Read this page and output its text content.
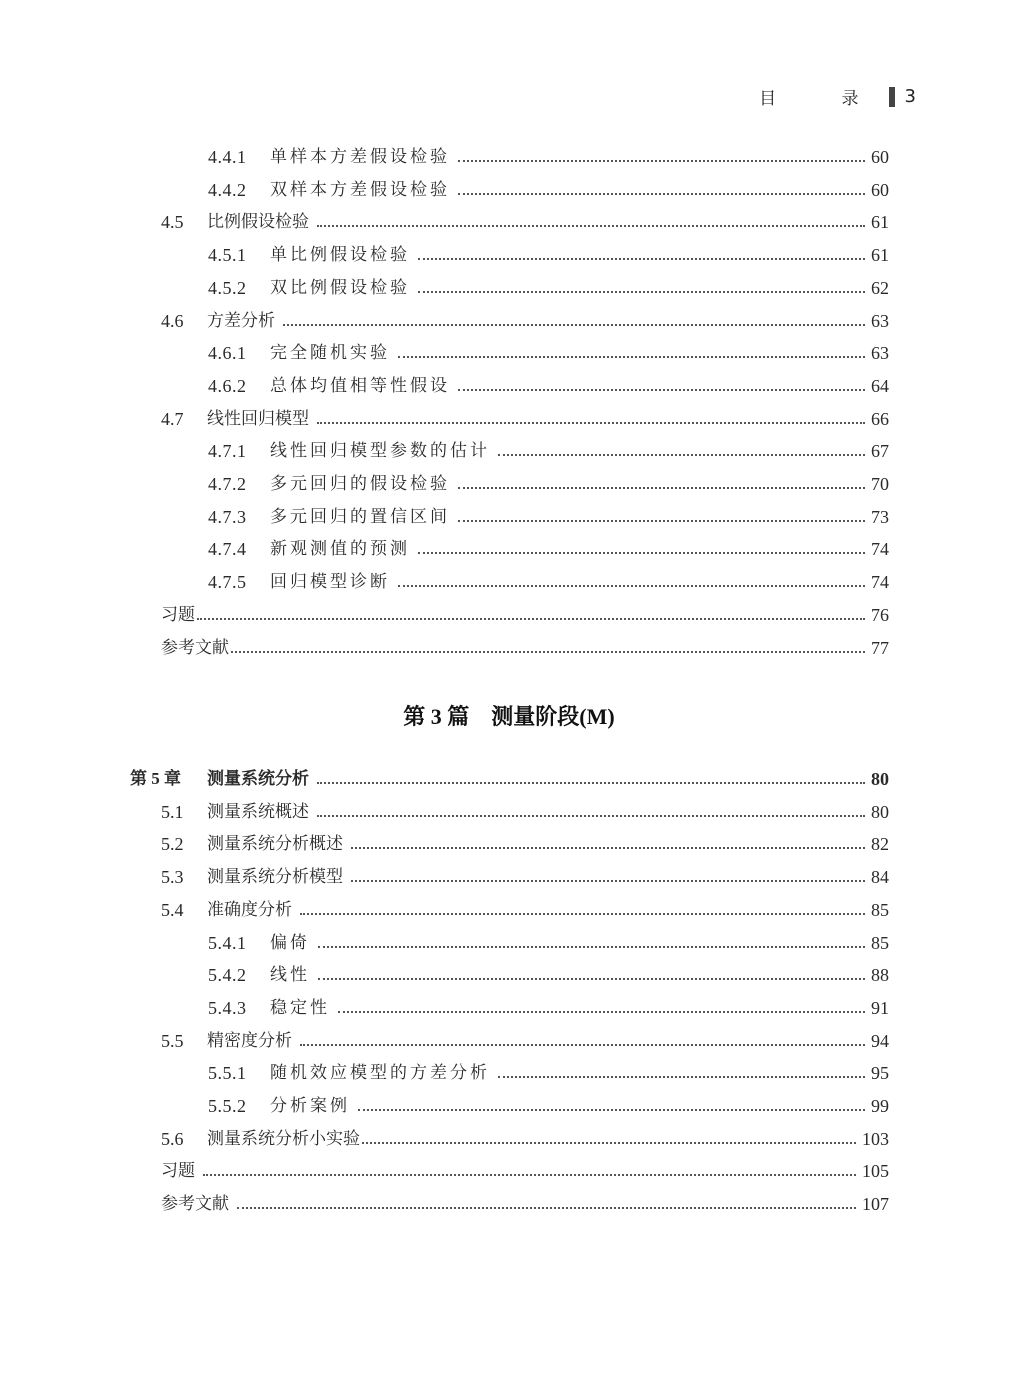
目 录 3
4.4.1	单样本方差假设检验	60
4.4.2	双样本方差假设检验	60
4.5	比例假设检验	61
4.5.1	单比例假设检验	61
4.5.2	双比例假设检验	62
4.6	方差分析	63
4.6.1	完全随机实验	63
4.6.2	总体均值相等性假设	64
4.7	线性回归模型	66
4.7.1	线性回归模型参数的估计	67
4.7.2	多元回归的假设检验	70
4.7.3	多元回归的置信区间	73
4.7.4	新观测值的预测	74
4.7.5	回归模型诊断	74
习题	76
参考文献	77
第 3 篇　测量阶段(M)
第 5 章	测量系统分析	80
5.1	测量系统概述	80
5.2	测量系统分析概述	82
5.3	测量系统分析模型	84
5.4	准确度分析	85
5.4.1	偏倚	85
5.4.2	线性	88
5.4.3	稳定性	91
5.5	精密度分析	94
5.5.1	随机效应模型的方差分析	95
5.5.2	分析案例	99
5.6	测量系统分析小实验	103
习题	105
参考文献	107
